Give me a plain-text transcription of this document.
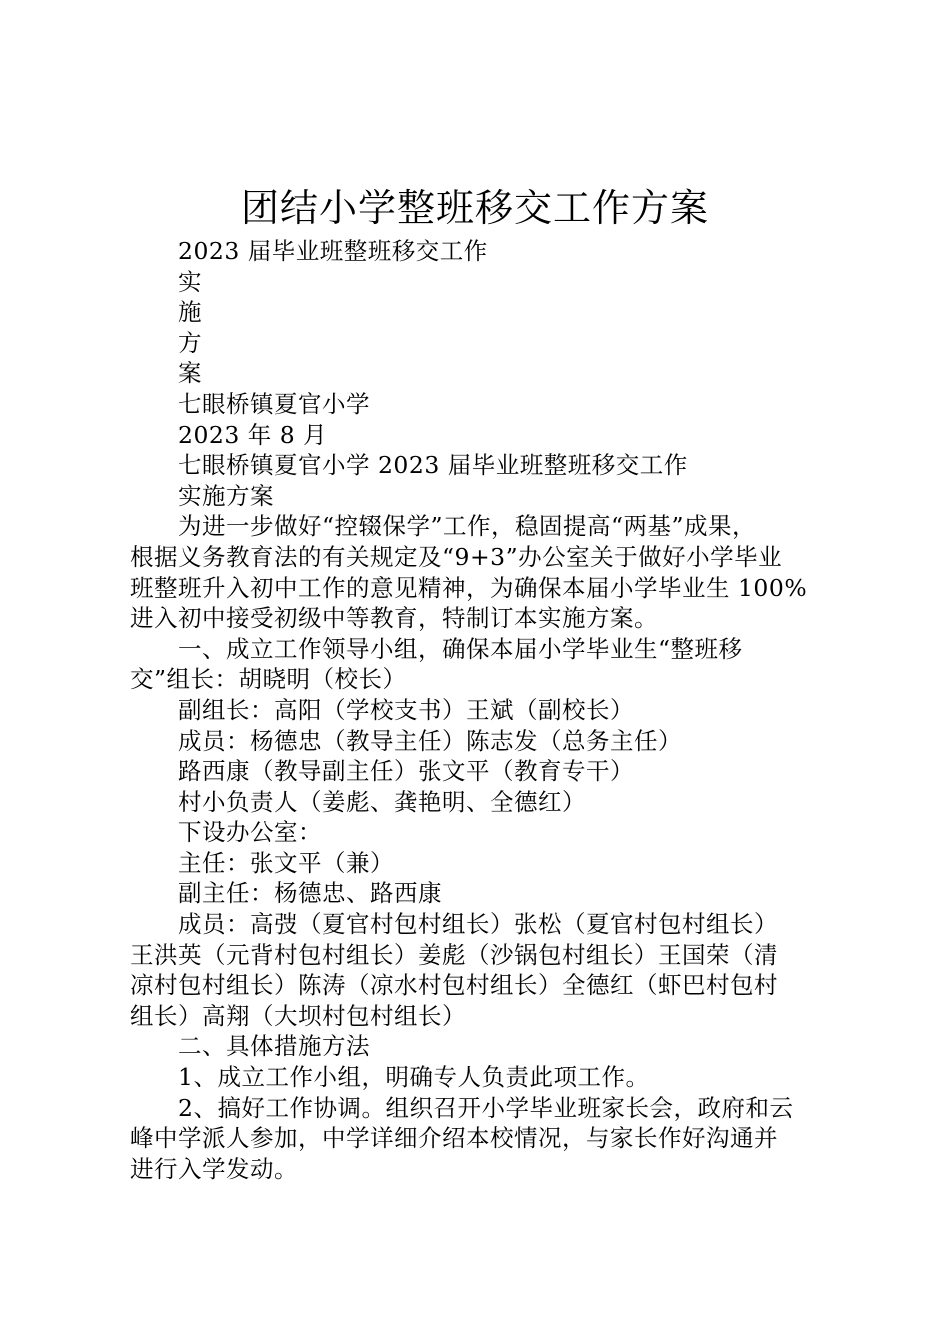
团结小学整班移交工作方案

2023 届毕业班整班移交工作

实

施

方

案

七眼桥镇夏官小学

2023 年 8 月

七眼桥镇夏官小学 2023 届毕业班整班移交工作

实施方案

为进一步做好“控辍保学”工作，稳固提高“两基”成果，

根据义务教育法的有关规定及“9+3”办公室关于做好小学毕业

班整班升入初中工作的意见精神，为确保本届小学毕业生 100%

进入初中接受初级中等教育，特制订本实施方案。

一、成立工作领导小组，确保本届小学毕业生“整班移

交”组长：胡晓明（校长）

副组长：高阳（学校支书）王斌（副校长）

成员：杨德忠（教导主任）陈志发（总务主任）

路西康（教导副主任）张文平（教育专干）

村小负责人（姜彪、龚艳明、全德红）

下设办公室：

主任：张文平（兼）

副主任：杨德忠、路西康

成员：高弢（夏官村包村组长）张松（夏官村包村组长）

王洪英（元背村包村组长）姜彪（沙锅包村组长）王国荣（清

凉村包村组长）陈涛（凉水村包村组长）全德红（虾巴村包村

组长）高翔（大坝村包村组长）

二、具体措施方法

1、成立工作小组，明确专人负责此项工作。

2、搞好工作协调。组织召开小学毕业班家长会，政府和云

峰中学派人参加，中学详细介绍本校情况，与家长作好沟通并

进行入学发动。
